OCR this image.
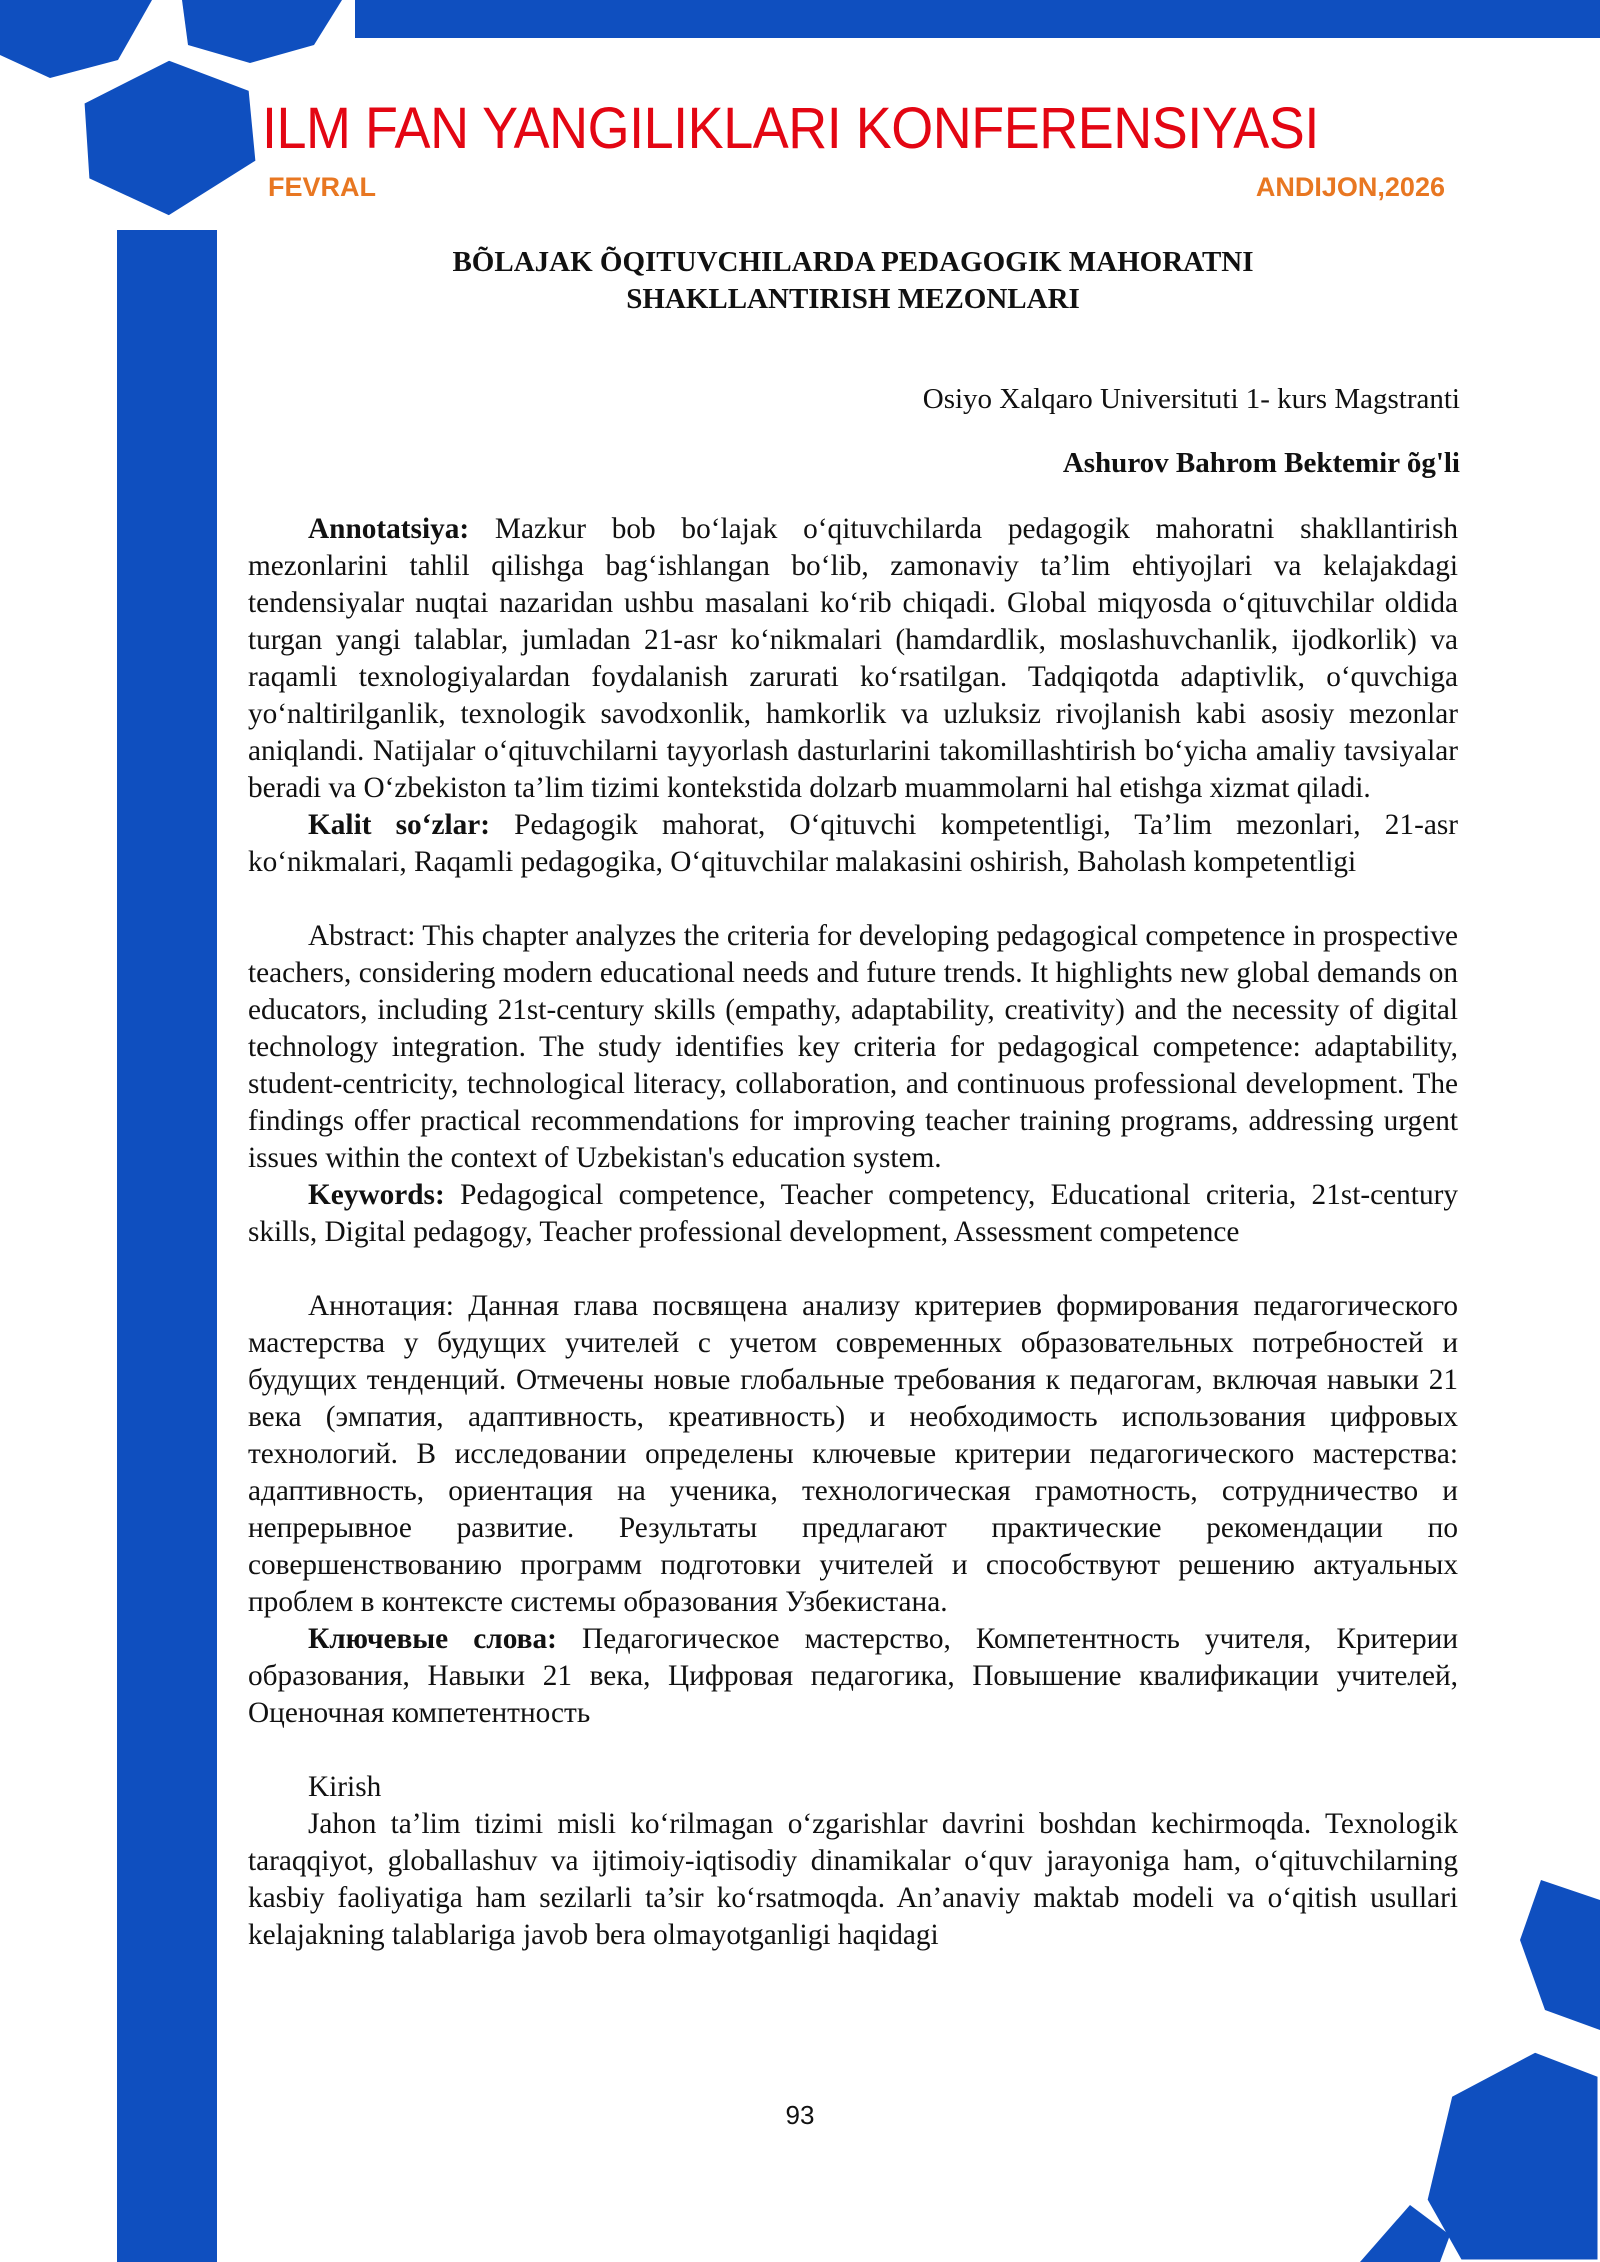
ILM FAN YANGILIKLARI KONFERENSIYASI
FEVRAL	ANDIJON,2026
BÕLAJAK ÕQITUVCHILARDA PEDAGOGIK MAHORATNI
SHAKLLANTIRISH MEZONLARI
Osiyo Xalqaro Universituti 1- kurs Magstranti
Ashurov Bahrom Bektemir õg'li

Annotatsiya: Mazkur bob bo‘lajak o‘qituvchilarda pedagogik mahoratni shakllantirish mezonlarini tahlil qilishga bag‘ishlangan bo‘lib, zamonaviy ta’lim ehtiyojlari va kelajakdagi tendensiyalar nuqtai nazaridan ushbu masalani ko‘rib chiqadi. Global miqyosda o‘qituvchilar oldida turgan yangi talablar, jumladan 21-asr ko‘nikmalari (hamdardlik, moslashuvchanlik, ijodkorlik) va raqamli texnologiyalardan foydalanish zarurati ko‘rsatilgan. Tadqiqotda adaptivlik, o‘quvchiga yo‘naltirilganlik, texnologik savodxonlik, hamkorlik va uzluksiz rivojlanish kabi asosiy mezonlar aniqlandi. Natijalar o‘qituvchilarni tayyorlash dasturlarini takomillashtirish bo‘yicha amaliy tavsiyalar beradi va O‘zbekiston ta’lim tizimi kontekstida dolzarb muammolarni hal etishga xizmat qiladi.

Kalit so‘zlar: Pedagogik mahorat, O‘qituvchi kompetentligi, Ta’lim mezonlari, 21-asr ko‘nikmalari, Raqamli pedagogika, O‘qituvchilar malakasini oshirish, Baholash kompetentligi

Abstract: This chapter analyzes the criteria for developing pedagogical competence in prospective teachers, considering modern educational needs and future trends. It highlights new global demands on educators, including 21st-century skills (empathy, adaptability, creativity) and the necessity of digital technology integration. The study identifies key criteria for pedagogical competence: adaptability, student-centricity, technological literacy, collaboration, and continuous professional development. The findings offer practical recommendations for improving teacher training programs, addressing urgent issues within the context of Uzbekistan's education system.

Keywords: Pedagogical competence, Teacher competency, Educational criteria, 21st-century skills, Digital pedagogy, Teacher professional development, Assessment competence

Аннотация: Данная глава посвящена анализу критериев формирования педагогического мастерства у будущих учителей с учетом современных образовательных потребностей и будущих тенденций. Отмечены новые глобальные требования к педагогам, включая навыки 21 века (эмпатия, адаптивность, креативность) и необходимость использования цифровых технологий. В исследовании определены ключевые критерии педагогического мастерства: адаптивность, ориентация на ученика, технологическая грамотность, сотрудничество и непрерывное развитие. Результаты предлагают практические рекомендации по совершенствованию программ подготовки учителей и способствуют решению актуальных проблем в контексте системы образования Узбекистана.

Ключевые слова: Педагогическое мастерство, Компетентность учителя, Критерии образования, Навыки 21 века, Цифровая педагогика, Повышение квалификации учителей, Оценочная компетентность

Kirish

Jahon ta’lim tizimi misli ko‘rilmagan o‘zgarishlar davrini boshdan kechirmoqda. Texnologik taraqqiyot, globallashuv va ijtimoiy-iqtisodiy dinamikalar o‘quv jarayoniga ham, o‘qituvchilarning kasbiy faoliyatiga ham sezilarli ta’sir ko‘rsatmoqda. An’anaviy maktab modeli va o‘qitish usullari kelajakning talablariga javob bera olmayotganligi haqidagi

93
